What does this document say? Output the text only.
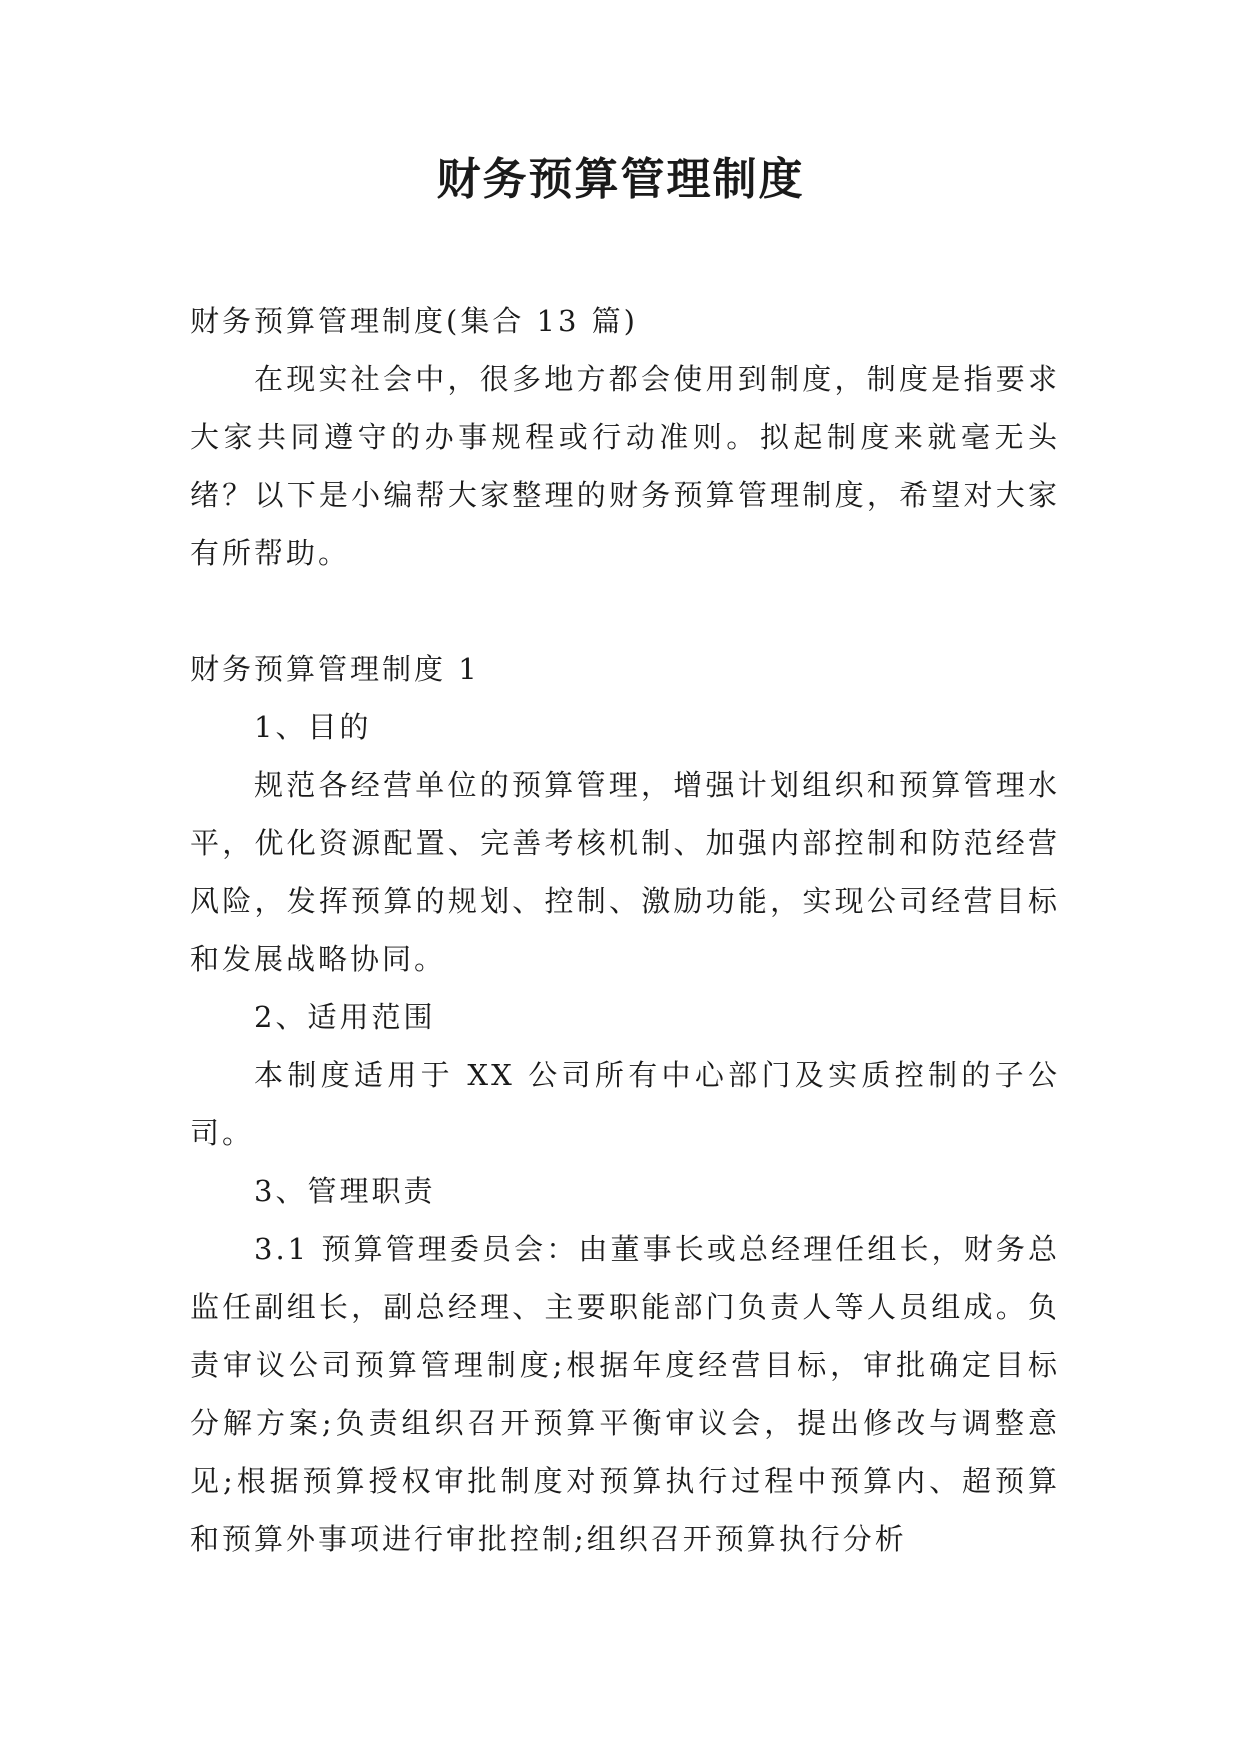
财务预算管理制度

财务预算管理制度(集合 13 篇)

在现实社会中，很多地方都会使用到制度，制度是指要求大家共同遵守的办事规程或行动准则。拟起制度来就毫无头绪？以下是小编帮大家整理的财务预算管理制度，希望对大家有所帮助。

财务预算管理制度 1

1、目的

规范各经营单位的预算管理，增强计划组织和预算管理水平，优化资源配置、完善考核机制、加强内部控制和防范经营风险，发挥预算的规划、控制、激励功能，实现公司经营目标和发展战略协同。

2、适用范围

本制度适用于 XX 公司所有中心部门及实质控制的子公司。

3、管理职责

3.1 预算管理委员会：由董事长或总经理任组长，财务总监任副组长，副总经理、主要职能部门负责人等人员组成。负责审议公司预算管理制度;根据年度经营目标，审批确定目标分解方案;负责组织召开预算平衡审议会，提出修改与调整意见;根据预算授权审批制度对预算执行过程中预算内、超预算和预算外事项进行审批控制;组织召开预算执行分析
